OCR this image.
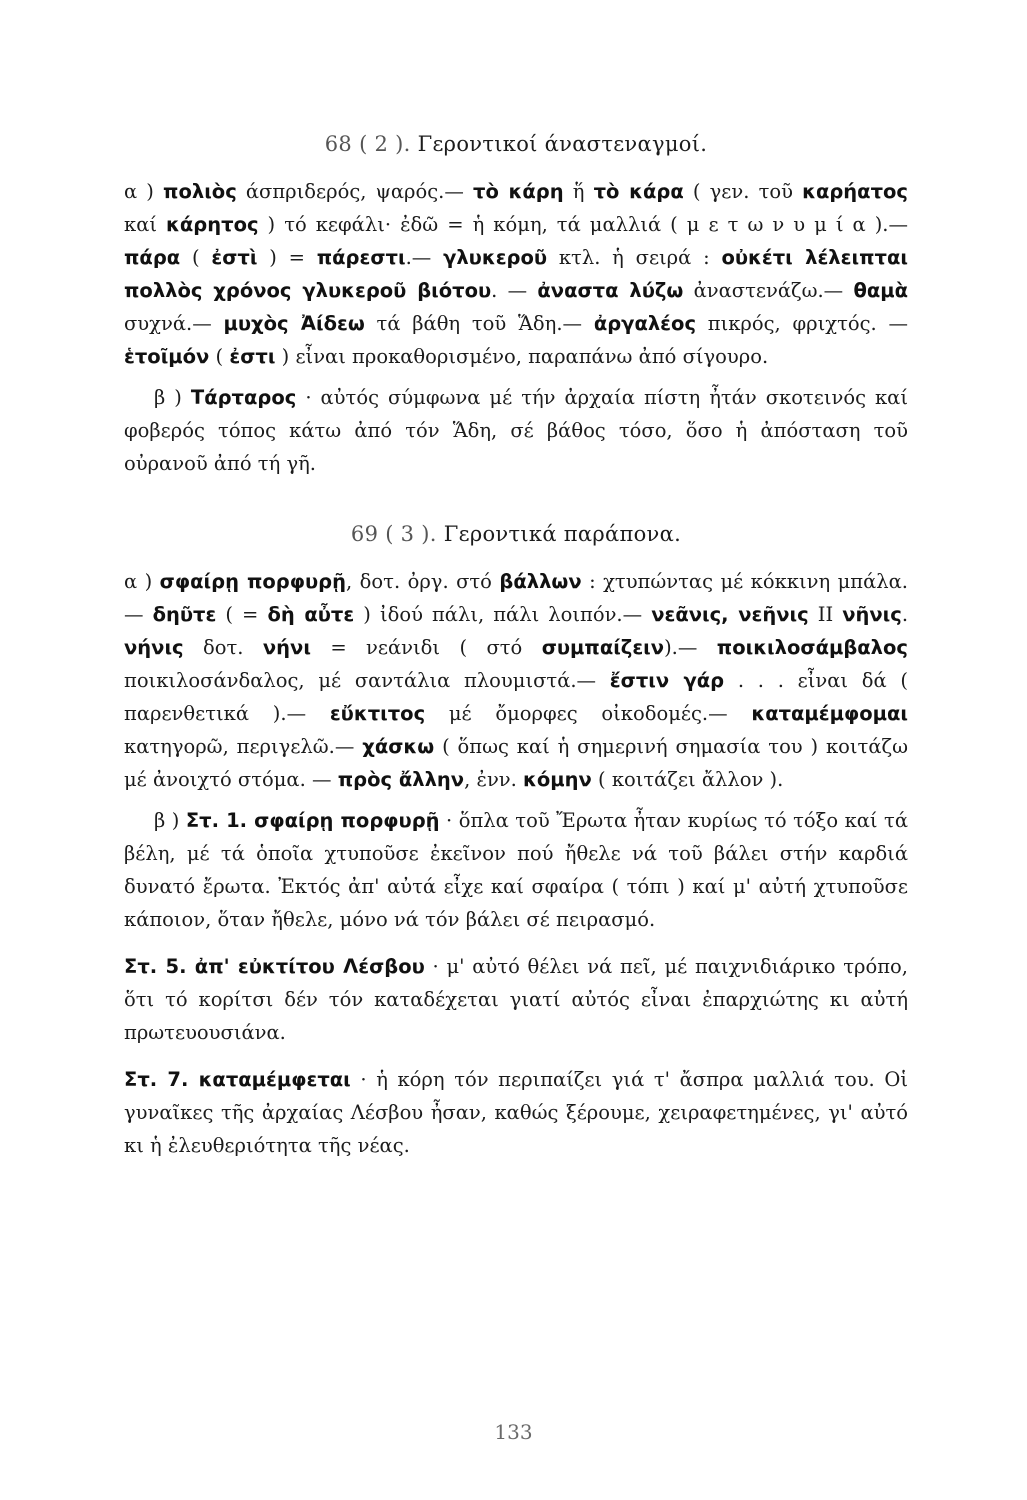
68 ( 2 ). Γεροντικοί άναστεναγμοί.

α ) πολιὸς άσπριδερός, ψαρός.— τὸ κάρη ἥ τὸ κάρα ( γεν. τοῦ καρήατος καί κάρητος ) τό κεφάλι· ἐδῶ = ἡ κόμη, τά μαλλιά ( μ ε τ ω ν υ μ ί α ).— πάρα ( ἐστὶ ) = πάρεστι.— γλυκεροῦ κτλ. ἡ σειρά : οὐκέτι λέλειπται πολλὸς χρόνος γλυκεροῦ βιότου. — ἀναστα λύζω ἀναστενάζω.— θαμὰ συχνά.— μυχὸς Ἀίδεω τά βάθη τοῦ Ἅδη.— ἀργαλέος πικρός, φριχτός. — ἑτοῖμόν ( ἐστι ) εἶναι προκαθορισμένο, παραπάνω ἀπό σίγουρο.

β ) Τάρταρος · αὐτός σύμφωνα μέ τήν ἀρχαία πίστη ἦτάν σκοτεινός καί φοβερός τόπος κάτω ἀπό τόν Ἅδη, σέ βάθος τόσο, ὅσο ἡ ἀπόσταση τοῦ οὐρανοῦ ἀπό τή γῆ.

69 ( 3 ). Γεροντικά παράπονα.

α ) σφαίρῃ πορφυρῇ, δοτ. ὀργ. στό βάλλων : χτυπώντας μέ κόκκινη μπάλα.— δηῦτε ( = δὴ αὖτε ) ἰδού πάλι, πάλι λοιπόν.— νεᾶνις, νεῆνις ΙΙ νῆνις. νήνις δοτ. νήνι = νεάνιδι ( στό συμπαίζειν).— ποικιλοσάμβαλος ποικιλοσάνδαλος, μέ σαντάλια πλουμιστά.— ἔστιν γάρ . . . εἶναι δά ( παρενθετικά ).— εὔκτιτος μέ ὄμορφες οἰκοδομές.— καταμέμφομαι κατηγορῶ, περιγελῶ.— χάσκω ( ὅπως καί ἡ σημερινή σημασία του ) κοιτάζω μέ ἀνοιχτό στόμα. — πρὸς ἄλλην, ἐνν. κόμην ( κοιτάζει ἄλλον ).

β ) Στ. 1. σφαίρῃ πορφυρῇ · ὅπλα τοῦ Ἔρωτα ἦταν κυρίως τό τόξο καί τά βέλη, μέ τά ὁποῖα χτυποῦσε ἐκεῖνον πού ἤθελε νά τοῦ βάλει στήν καρδιά δυνατό ἔρωτα. Ἐκτός ἀπ' αὐτά εἶχε καί σφαίρα ( τόπι ) καί μ' αὐτή χτυποῦσε κάποιον, ὅταν ἤθελε, μόνο νά τόν βάλει σέ πειρασμό.

Στ. 5. ἀπ' εὐκτίτου Λέσβου · μ' αὐτό θέλει νά πεῖ, μέ παιχνιδιάρικο τρόπο, ὅτι τό κορίτσι δέν τόν καταδέχεται γιατί αὐτός εἶναι ἐπαρχιώτης κι αὐτή πρωτευουσιάνα.

Στ. 7. καταμέμφεται · ἡ κόρη τόν περιπαίζει γιά τ' ἄσπρα μαλλιά του. Οἱ γυναῖκες τῆς ἀρχαίας Λέσβου ἦσαν, καθώς ξέρουμε, χειραφετημένες, γι' αὐτό κι ἡ ἐλευθεριότητα τῆς νέας.

133
